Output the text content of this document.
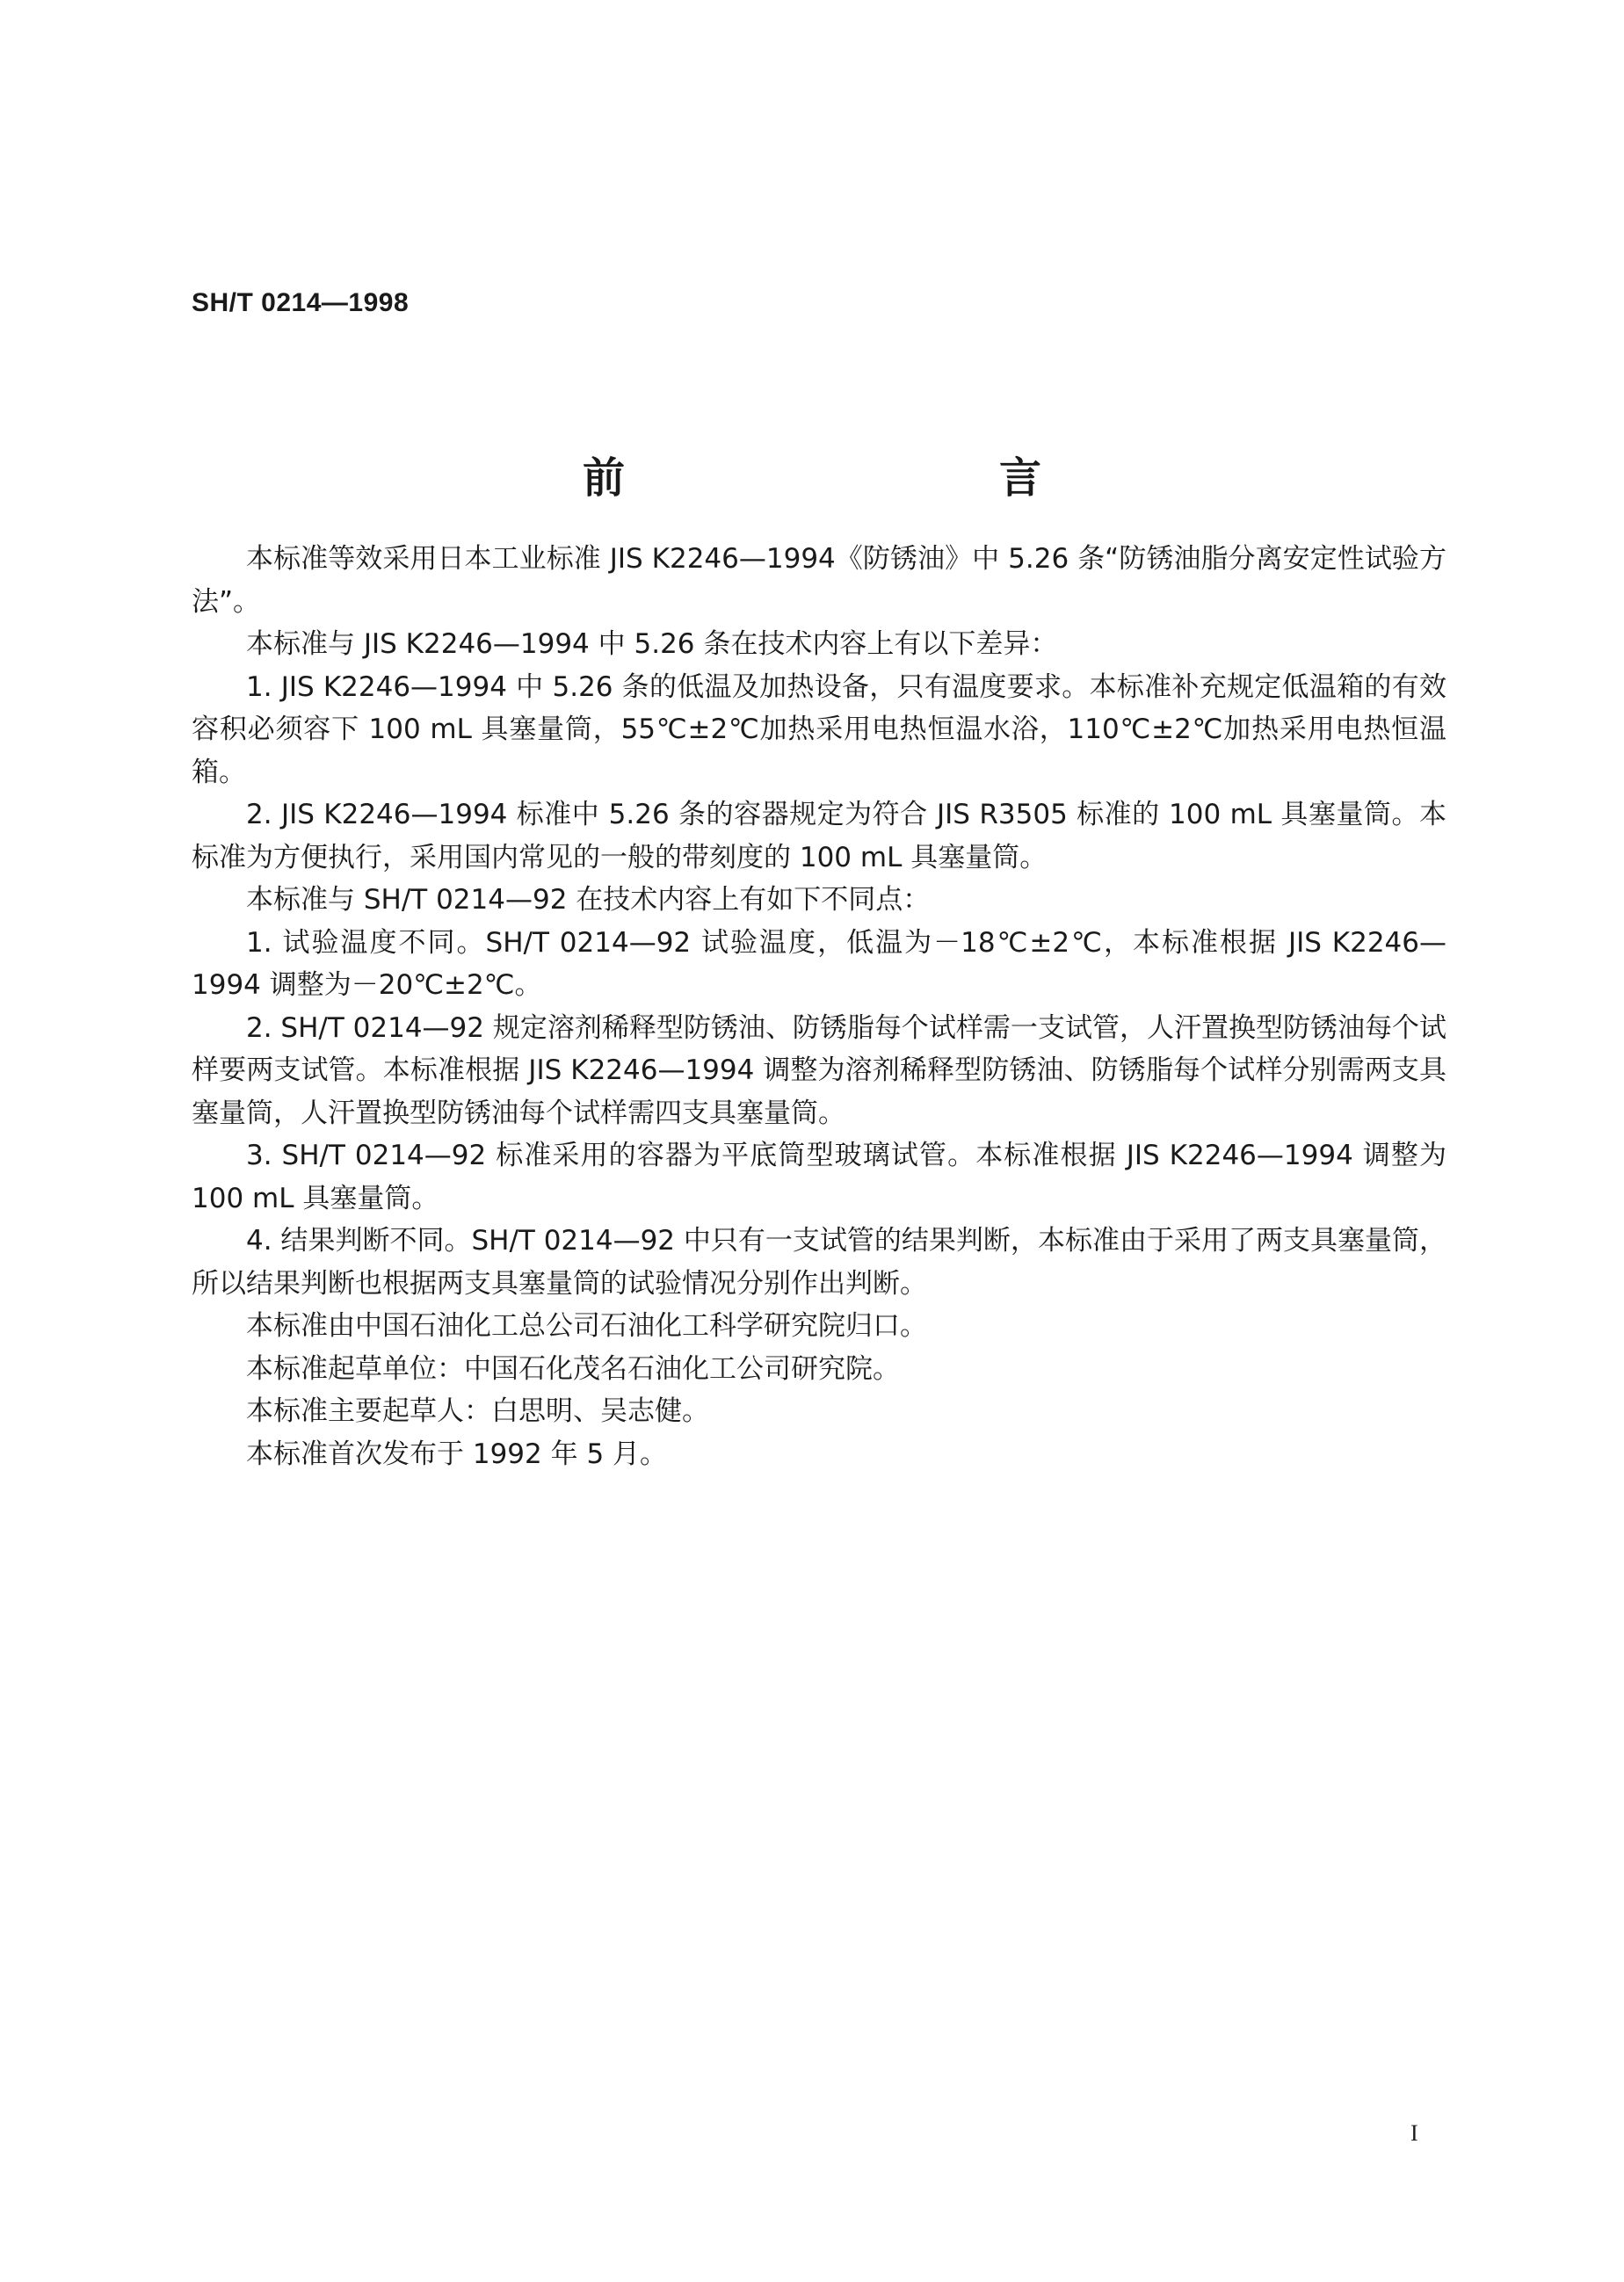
SH/T 0214—1998
前　　言

本标准等效采用日本工业标准 JIS K2246—1994《防锈油》中 5.26 条“防锈油脂分离安定性试验方法”。

本标准与 JIS K2246—1994 中 5.26 条在技术内容上有以下差异：

1. JIS K2246—1994 中 5.26 条的低温及加热设备，只有温度要求。本标准补充规定低温箱的有效容积必须容下 100 mL 具塞量筒，55℃±2℃加热采用电热恒温水浴，110℃±2℃加热采用电热恒温箱。

2. JIS K2246—1994 标准中 5.26 条的容器规定为符合 JIS R3505 标准的 100 mL 具塞量筒。本标准为方便执行，采用国内常见的一般的带刻度的 100 mL 具塞量筒。

本标准与 SH/T 0214—92 在技术内容上有如下不同点：

1. 试验温度不同。SH/T 0214—92 试验温度，低温为－18℃±2℃，本标准根据 JIS K2246—1994 调整为－20℃±2℃。

2. SH/T 0214—92 规定溶剂稀释型防锈油、防锈脂每个试样需一支试管，人汗置换型防锈油每个试样要两支试管。本标准根据 JIS K2246—1994 调整为溶剂稀释型防锈油、防锈脂每个试样分别需两支具塞量筒，人汗置换型防锈油每个试样需四支具塞量筒。

3. SH/T 0214—92 标准采用的容器为平底筒型玻璃试管。本标准根据 JIS K2246—1994 调整为 100 mL 具塞量筒。

4. 结果判断不同。SH/T 0214—92 中只有一支试管的结果判断，本标准由于采用了两支具塞量筒，所以结果判断也根据两支具塞量筒的试验情况分别作出判断。

本标准由中国石油化工总公司石油化工科学研究院归口。

本标准起草单位：中国石化茂名石油化工公司研究院。

本标准主要起草人：白思明、吴志健。

本标准首次发布于 1992 年 5 月。

I
